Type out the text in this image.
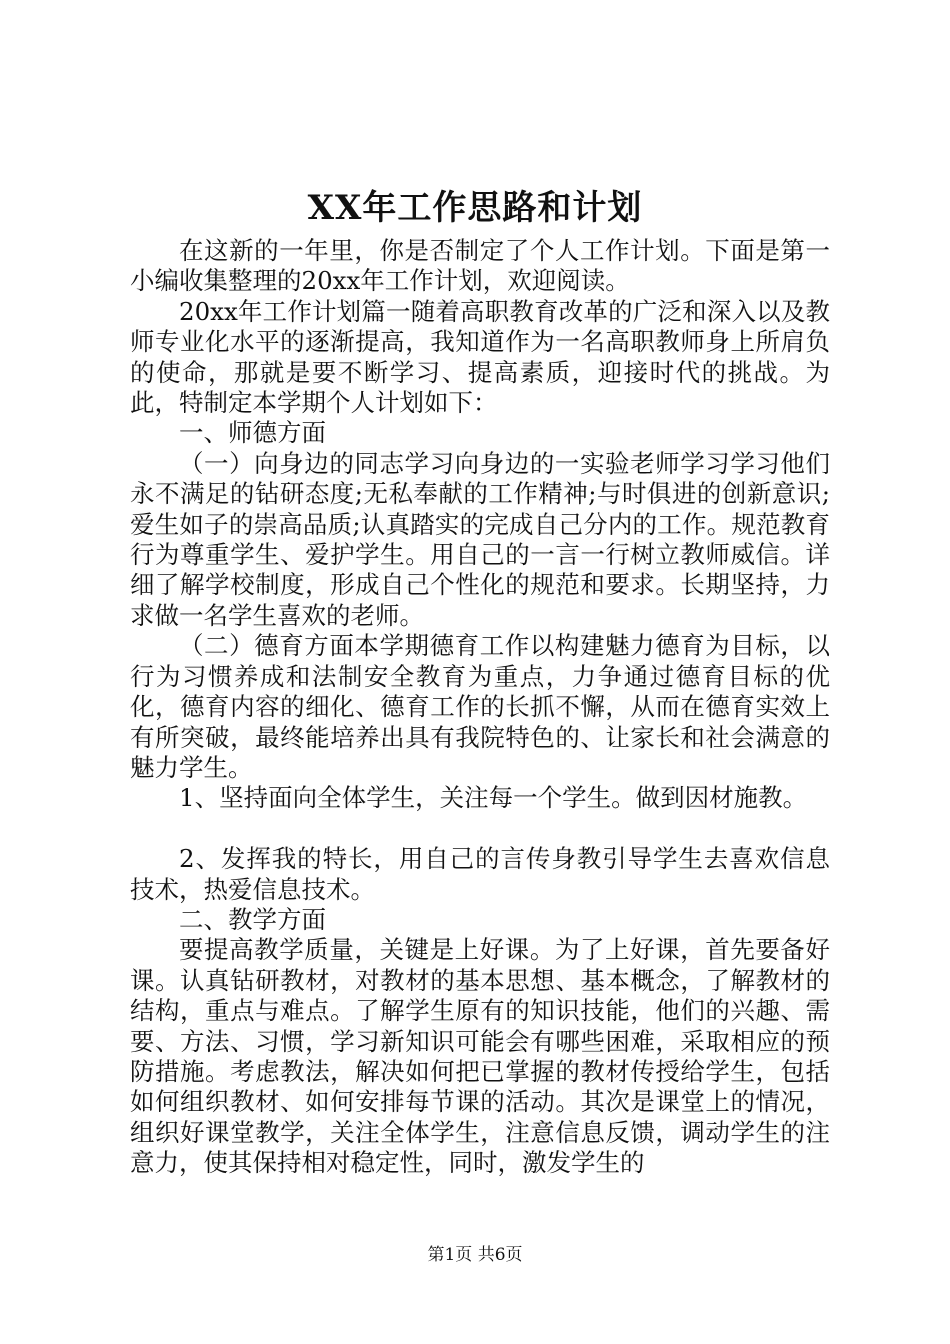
XX年工作思路和计划

在这新的一年里，你是否制定了个人工作计划。下面是第一小编收集整理的20xx年工作计划，欢迎阅读。

20xx年工作计划篇一随着高职教育改革的广泛和深入以及教师专业化水平的逐渐提高，我知道作为一名高职教师身上所肩负的使命，那就是要不断学习、提高素质，迎接时代的挑战。为此，特制定本学期个人计划如下：

一、师德方面

（一）向身边的同志学习向身边的一实验老师学习学习他们永不满足的钻研态度;无私奉献的工作精神;与时俱进的创新意识;爱生如子的崇高品质;认真踏实的完成自己分内的工作。规范教育行为尊重学生、爱护学生。用自己的一言一行树立教师威信。详细了解学校制度，形成自己个性化的规范和要求。长期坚持，力求做一名学生喜欢的老师。

（二）德育方面本学期德育工作以构建魅力德育为目标，以行为习惯养成和法制安全教育为重点，力争通过德育目标的优化，德育内容的细化、德育工作的长抓不懈，从而在德育实效上有所突破，最终能培养出具有我院特色的、让家长和社会满意的魅力学生。

1、坚持面向全体学生，关注每一个学生。做到因材施教。

2、发挥我的特长，用自己的言传身教引导学生去喜欢信息技术，热爱信息技术。

二、教学方面

要提高教学质量，关键是上好课。为了上好课，首先要备好课。认真钻研教材，对教材的基本思想、基本概念，了解教材的结构，重点与难点。了解学生原有的知识技能，他们的兴趣、需要、方法、习惯，学习新知识可能会有哪些困难，采取相应的预防措施。考虑教法，解决如何把已掌握的教材传授给学生，包括如何组织教材、如何安排每节课的活动。其次是课堂上的情况，组织好课堂教学，关注全体学生，注意信息反馈，调动学生的注意力，使其保持相对稳定性，同时，激发学生的

第1页 共6页
